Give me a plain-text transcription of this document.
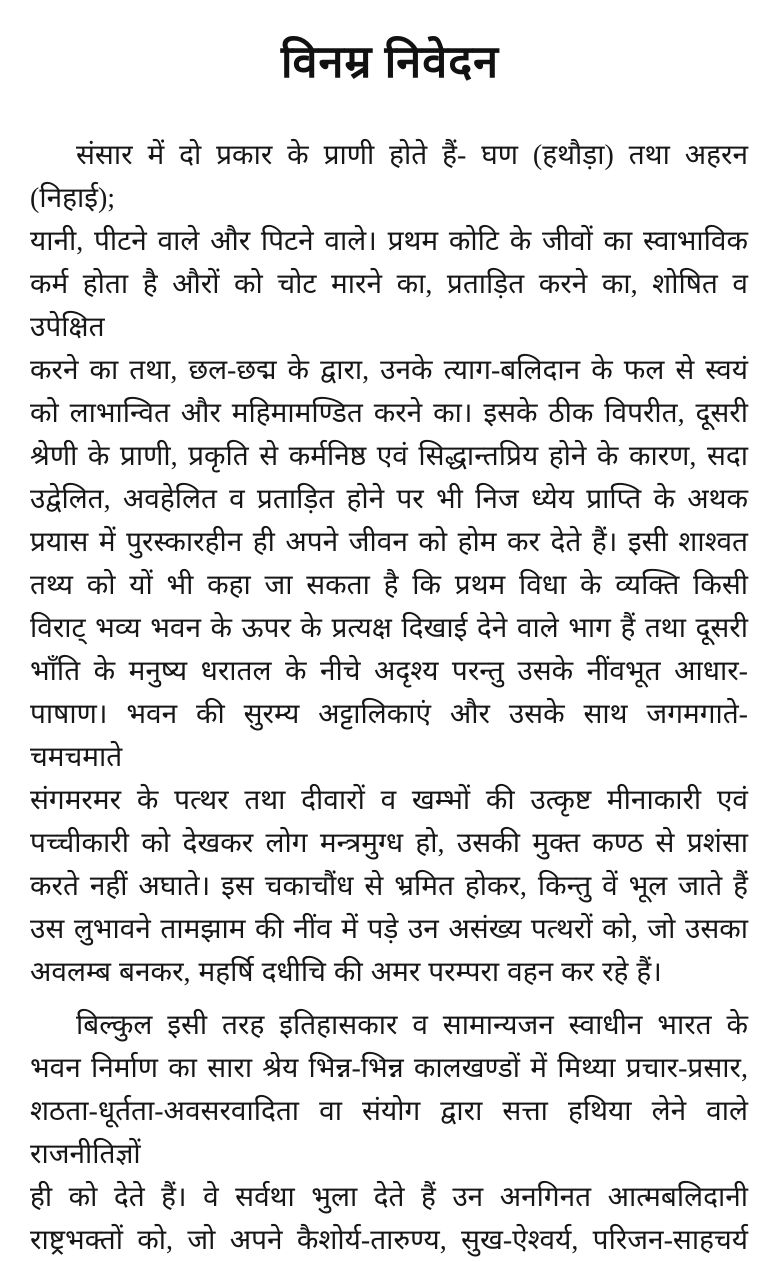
विनम्र निवेदन
संसार में दो प्रकार के प्राणी होते हैं- घण (हथौड़ा) तथा अहरन (निहाई);
यानी, पीटने वाले और पिटने वाले। प्रथम कोटि के जीवों का स्वाभाविक
कर्म होता है औरों को चोट मारने का, प्रताड़ित करने का, शोषित व उपेक्षित
करने का तथा, छल-छद्म के द्वारा, उनके त्याग-बलिदान के फल से स्वयं
को लाभान्वित और महिमामण्डित करने का। इसके ठीक विपरीत, दूसरी
श्रेणी के प्राणी, प्रकृति से कर्मनिष्ठ एवं सिद्धान्तप्रिय होने के कारण, सदा
उद्वेलित, अवहेलित व प्रताड़ित होने पर भी निज ध्येय प्राप्ति के अथक
प्रयास में पुरस्कारहीन ही अपने जीवन को होम कर देते हैं। इसी शाश्वत
तथ्य को यों भी कहा जा सकता है कि प्रथम विधा के व्यक्ति किसी
विराट् भव्य भवन के ऊपर के प्रत्यक्ष दिखाई देने वाले भाग हैं तथा दूसरी
भाँति के मनुष्य धरातल के नीचे अदृश्य परन्तु उसके नींवभूत आधार-
पाषाण। भवन की सुरम्य अट्टालिकाएं और उसके साथ जगमगाते-चमचमाते
संगमरमर के पत्थर तथा दीवारों व खम्भों की उत्कृष्ट मीनाकारी एवं
पच्चीकारी को देखकर लोग मन्त्रमुग्ध हो, उसकी मुक्त कण्ठ से प्रशंसा
करते नहीं अघाते। इस चकाचौंध से भ्रमित होकर, किन्तु वें भूल जाते हैं
उस लुभावने तामझाम की नींव में पड़े उन असंख्य पत्थरों को, जो उसका
अवलम्ब बनकर, महर्षि दधीचि की अमर परम्परा वहन कर रहे हैं।
बिल्कुल इसी तरह इतिहासकार व सामान्यजन स्वाधीन भारत के
भवन निर्माण का सारा श्रेय भिन्न-भिन्न कालखण्डों में मिथ्या प्रचार-प्रसार,
शठता-धूर्तता-अवसरवादिता वा संयोग द्वारा सत्ता हथिया लेने वाले राजनीतिज्ञों
ही को देते हैं। वे सर्वथा भुला देते हैं उन अनगिनत आत्मबलिदानी
राष्ट्रभक्तों को, जो अपने कैशोर्य-तारुण्य, सुख-ऐश्वर्य, परिजन-साहचर्य
